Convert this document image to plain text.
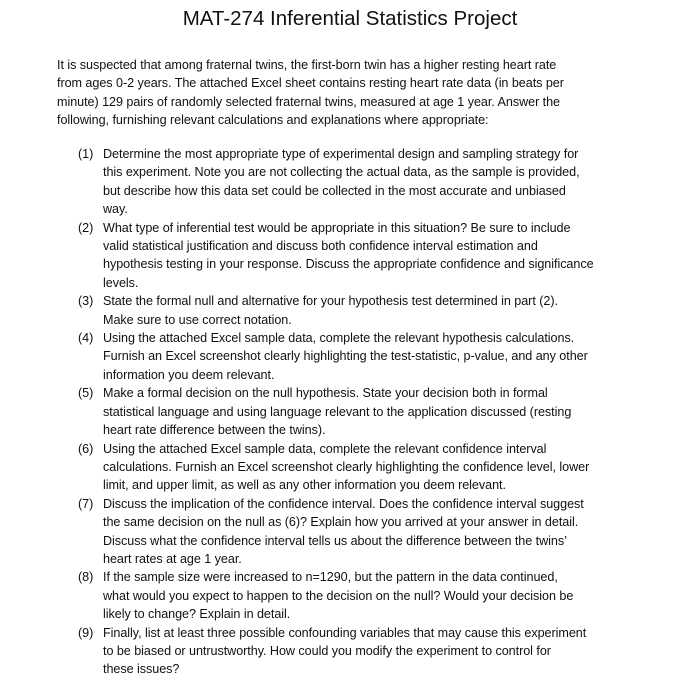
MAT-274 Inferential Statistics Project
It is suspected that among fraternal twins, the first-born twin has a higher resting heart rate
from ages 0-2 years. The attached Excel sheet contains resting heart rate data (in beats per
minute) 129 pairs of randomly selected fraternal twins, measured at age 1 year. Answer the
following, furnishing relevant calculations and explanations where appropriate:
(1) Determine the most appropriate type of experimental design and sampling strategy for
this experiment. Note you are not collecting the actual data, as the sample is provided,
but describe how this data set could be collected in the most accurate and unbiased
way.
(2) What type of inferential test would be appropriate in this situation? Be sure to include
valid statistical justification and discuss both confidence interval estimation and
hypothesis testing in your response. Discuss the appropriate confidence and significance
levels.
(3) State the formal null and alternative for your hypothesis test determined in part (2).
Make sure to use correct notation.
(4) Using the attached Excel sample data, complete the relevant hypothesis calculations.
Furnish an Excel screenshot clearly highlighting the test-statistic, p-value, and any other
information you deem relevant.
(5) Make a formal decision on the null hypothesis. State your decision both in formal
statistical language and using language relevant to the application discussed (resting
heart rate difference between the twins).
(6) Using the attached Excel sample data, complete the relevant confidence interval
calculations. Furnish an Excel screenshot clearly highlighting the confidence level, lower
limit, and upper limit, as well as any other information you deem relevant.
(7) Discuss the implication of the confidence interval. Does the confidence interval suggest
the same decision on the null as (6)? Explain how you arrived at your answer in detail.
Discuss what the confidence interval tells us about the difference between the twins’
heart rates at age 1 year.
(8) If the sample size were increased to n=1290, but the pattern in the data continued,
what would you expect to happen to the decision on the null? Would your decision be
likely to change? Explain in detail.
(9) Finally, list at least three possible confounding variables that may cause this experiment
to be biased or untrustworthy. How could you modify the experiment to control for
these issues?
